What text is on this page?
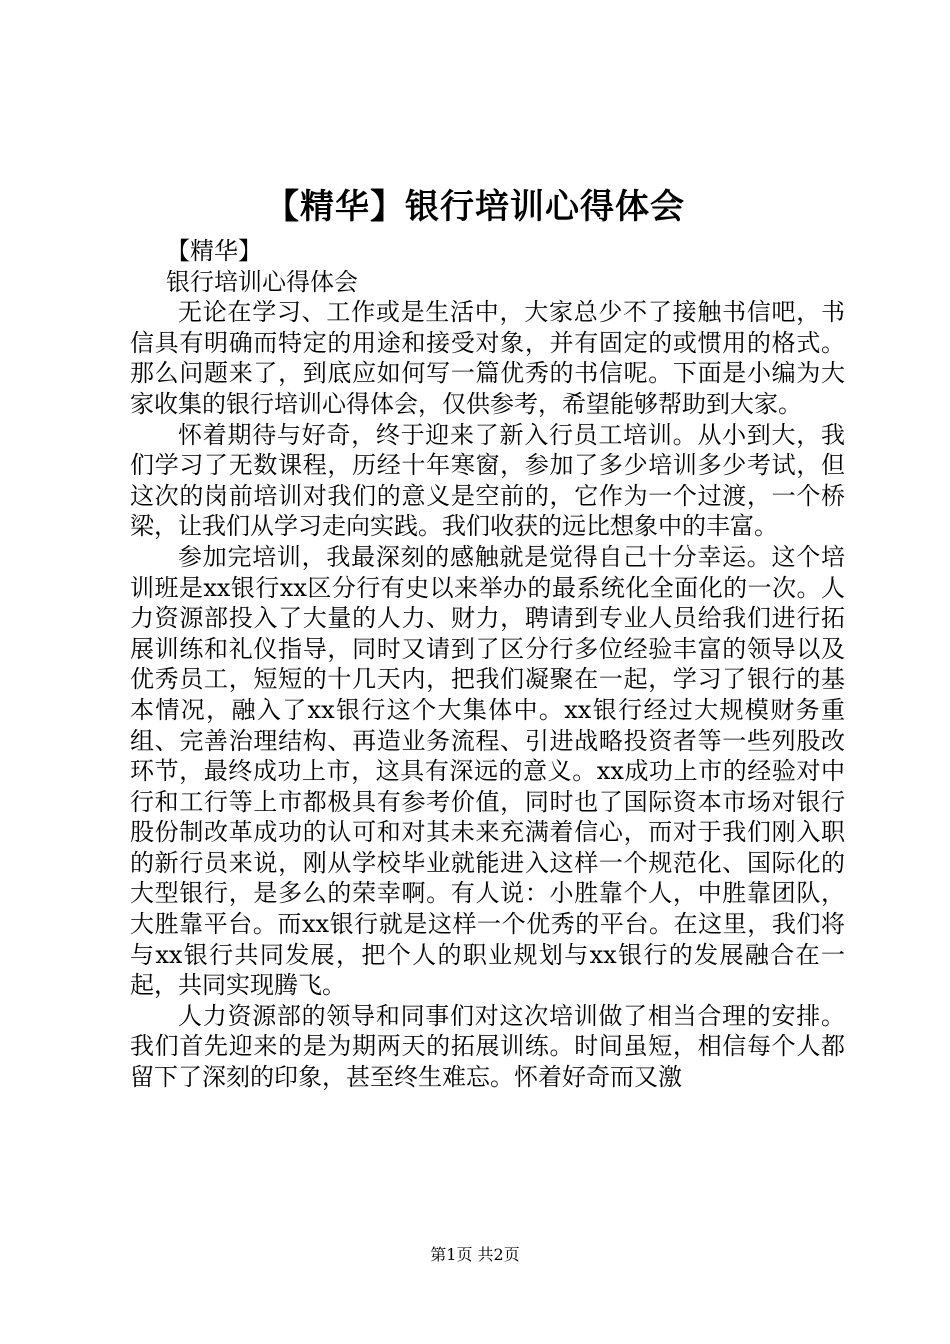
【精华】银行培训心得体会

【精华】

银行培训心得体会

无论在学习、工作或是生活中，大家总少不了接触书信吧，书信具有明确而特定的用途和接受对象，并有固定的或惯用的格式。那么问题来了，到底应如何写一篇优秀的书信呢。下面是小编为大家收集的银行培训心得体会，仅供参考，希望能够帮助到大家。

怀着期待与好奇，终于迎来了新入行员工培训。从小到大，我们学习了无数课程，历经十年寒窗，参加了多少培训多少考试，但这次的岗前培训对我们的意义是空前的，它作为一个过渡，一个桥梁，让我们从学习走向实践。我们收获的远比想象中的丰富。

参加完培训，我最深刻的感触就是觉得自己十分幸运。这个培训班是xx银行xx区分行有史以来举办的最系统化全面化的一次。人力资源部投入了大量的人力、财力，聘请到专业人员给我们进行拓展训练和礼仪指导，同时又请到了区分行多位经验丰富的领导以及优秀员工，短短的十几天内，把我们凝聚在一起，学习了银行的基本情况，融入了xx银行这个大集体中。xx银行经过大规模财务重组、完善治理结构、再造业务流程、引进战略投资者等一些列股改环节，最终成功上市，这具有深远的意义。xx成功上市的经验对中行和工行等上市都极具有参考价值，同时也了国际资本市场对银行股份制改革成功的认可和对其未来充满着信心，而对于我们刚入职的新行员来说，刚从学校毕业就能进入这样一个规范化、国际化的大型银行，是多么的荣幸啊。有人说：小胜靠个人，中胜靠团队，大胜靠平台。而xx银行就是这样一个优秀的平台。在这里，我们将与xx银行共同发展，把个人的职业规划与xx银行的发展融合在一起，共同实现腾飞。

人力资源部的领导和同事们对这次培训做了相当合理的安排。我们首先迎来的是为期两天的拓展训练。时间虽短，相信每个人都留下了深刻的印象，甚至终生难忘。怀着好奇而又激

第1页 共2页
